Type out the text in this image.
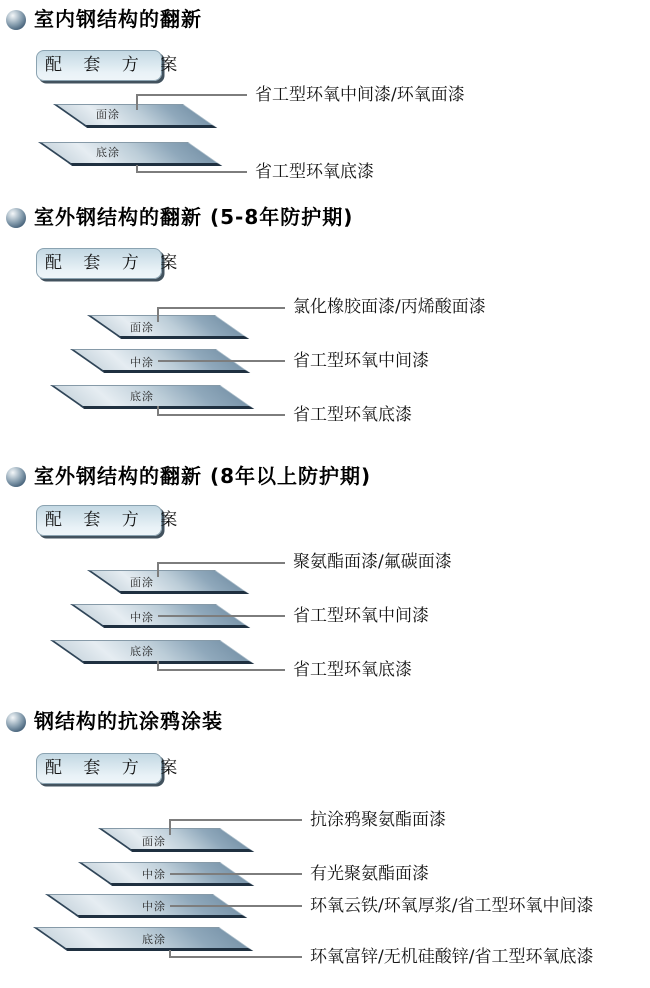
室内钢结构的翻新
配 套 方 案
面涂
省工型环氧中间漆/环氧面漆
底涂
省工型环氧底漆
室外钢结构的翻新 (5-8年防护期)
配 套 方 案
面涂
氯化橡胶面漆/丙烯酸面漆
中涂	省工型环氧中间漆
底涂
省工型环氧底漆
室外钢结构的翻新 (8年以上防护期)
配 套 方 案
面涂
聚氨酯面漆/氟碳面漆
中涂	省工型环氧中间漆
底涂
省工型环氧底漆
钢结构的抗涂鸦涂装
配 套 方 案
面涂
抗涂鸦聚氨酯面漆
中涂	有光聚氨酯面漆
中涂	环氧云铁/环氧厚浆/省工型环氧中间漆
底涂
环氧富锌/无机硅酸锌/省工型环氧底漆
